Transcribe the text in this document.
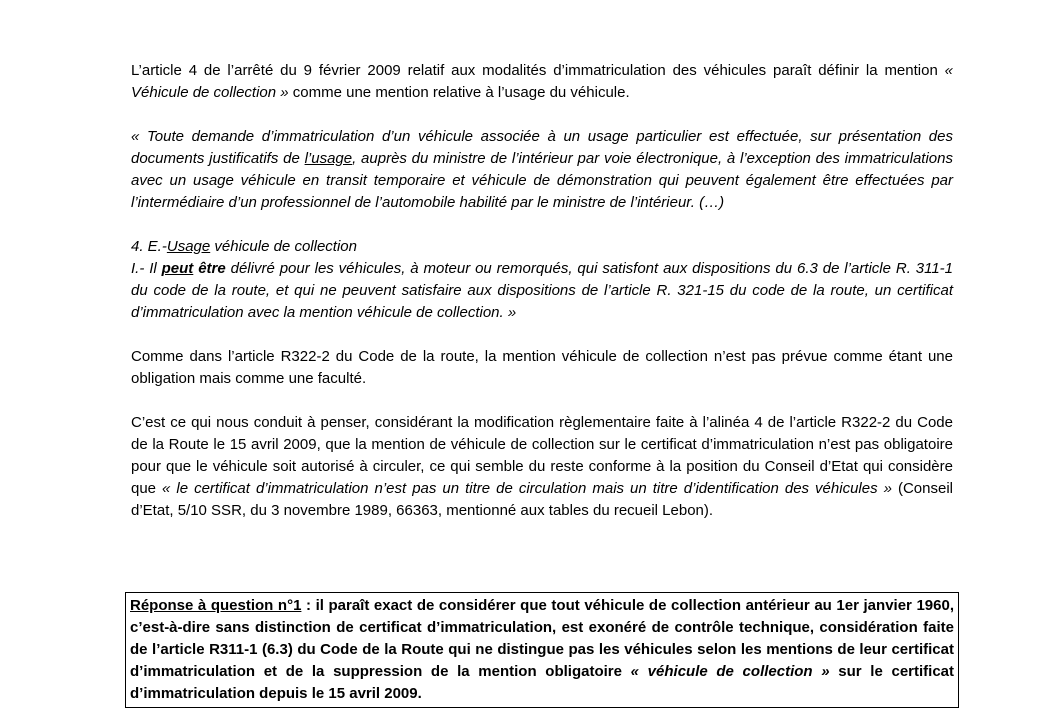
L’article 4 de l’arrêté du 9 février 2009 relatif aux modalités d’immatriculation des véhicules paraît définir la mention « Véhicule de collection » comme une mention relative à l’usage du véhicule.

« Toute demande d’immatriculation d’un véhicule associée à un usage particulier est effectuée, sur présentation des documents justificatifs de l’usage, auprès du ministre de l’intérieur par voie électronique, à l’exception des immatriculations avec un usage véhicule en transit temporaire et véhicule de démonstration qui peuvent également être effectuées par l’intermédiaire d’un professionnel de l’automobile habilité par le ministre de l’intérieur. (…)

4. E.-Usage véhicule de collection

I.- Il peut être délivré pour les véhicules, à moteur ou remorqués, qui satisfont aux dispositions du 6.3 de l’article R. 311-1 du code de la route, et qui ne peuvent satisfaire aux dispositions de l’article R. 321-15 du code de la route, un certificat d’immatriculation avec la mention véhicule de collection. »

Comme dans l’article R322-2 du Code de la route, la mention véhicule de collection n’est pas prévue comme étant une obligation mais comme une faculté.

C’est ce qui nous conduit à penser, considérant la modification règlementaire faite à l’alinéa 4 de l’article R322-2 du Code de la Route le 15 avril 2009, que la mention de véhicule de collection sur le certificat d’immatriculation n’est pas obligatoire pour que le véhicule soit autorisé à circuler, ce qui semble du reste conforme à la position du Conseil d’Etat qui considère que « le certificat d’immatriculation n’est pas un titre de circulation mais un titre d’identification des véhicules » (Conseil d’Etat, 5/10 SSR, du 3 novembre 1989, 66363, mentionné aux tables du recueil Lebon).

Réponse à question n°1 : il paraît exact de considérer que tout véhicule de collection antérieur au 1er janvier 1960, c’est-à-dire sans distinction de certificat d’immatriculation, est exonéré de contrôle technique, considération faite de l’article R311-1 (6.3) du Code de la Route qui ne distingue pas les véhicules selon les mentions de leur certificat d’immatriculation et de la suppression de la mention obligatoire « véhicule de collection » sur le certificat d’immatriculation depuis le 15 avril 2009.
